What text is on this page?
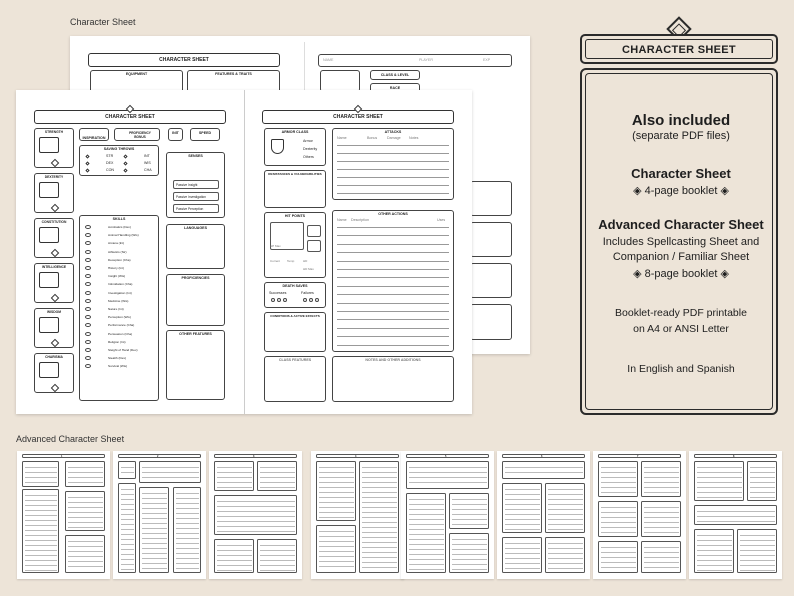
Character Sheet
Advanced Character Sheet
CHARACTER SHEET
EQUIPMENT	FEATURES & TRAITS
NAME	PLAYER	EXP
CLASS & LEVEL
RACE
CHARACTER SHEET
INSPIRATION
PROFICIENCY BONUS
INIT	SPEED
SAVING THROWS
STR
DEX
CON
INT
WIS
CHA
SENSES
Passive Insight
Passive Investigation
Passive Perception
SKILLS
Acrobatics (Dex)
Animal Handling (Wis)
Arcana (Int)
Athletics (Str)
Deception (Cha)
History (Int)
Insight (Wis)
Intimidation (Cha)
Investigation (Int)
Medicine (Wis)
Nature (Int)
Perception (Wis)
Performance (Cha)
Persuasion (Cha)
Religion (Int)
Sleight of Hand (Dex)
Stealth (Dex)
Survival (Wis)
LANGUAGES
PROFICIENCIES
OTHER FEATURES
CHARACTER SHEET
ARMOR CLASS
Armor
Dexterity
Others
ATTACKS
Name	Bonus	Damage Notes
RESISTANCES & VULNERABILITIES
HIT POINTS
HP Max
Current Temp	HD
HD Max
DEATH SAVES
Successes	Failures
CONDITIONS & ACTIVE EFFECTS
OTHER ACTIONS
Name Description	Uses
CLASS FEATURES	NOTES AND OTHER ADDITIONS
STRENGTH
DEXTERITY
CONSTITUTION
INTELLIGENCE
WISDOM
CHARISMA
CHARACTER SHEET
Also included
(separate PDF files)
Character Sheet
◈ 4-page booklet ◈
Advanced Character Sheet
Includes Spellcasting Sheet and
Companion / Familiar Sheet
◈ 8-page booklet ◈
Booklet-ready PDF printable
on A4 or ANSI Letter
In English and Spanish
1	2	3	4	5	6	7	8
